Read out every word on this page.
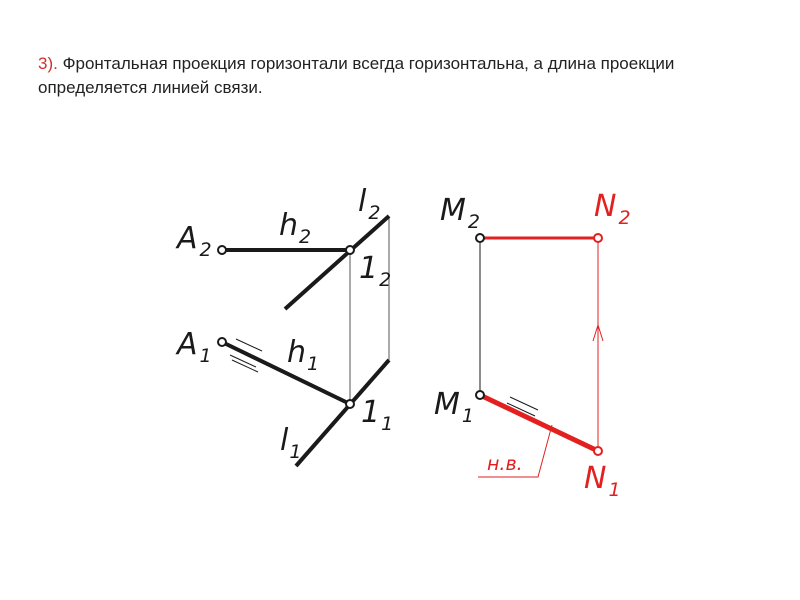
3). Фронтальная проекция горизонтали всегда горизонтальна, а длина проекции определяется линией связи.
A 2
h2
l 2
12
A 1	h1
11
l1
M 2	N 2
M 1
N 1
н.в.
